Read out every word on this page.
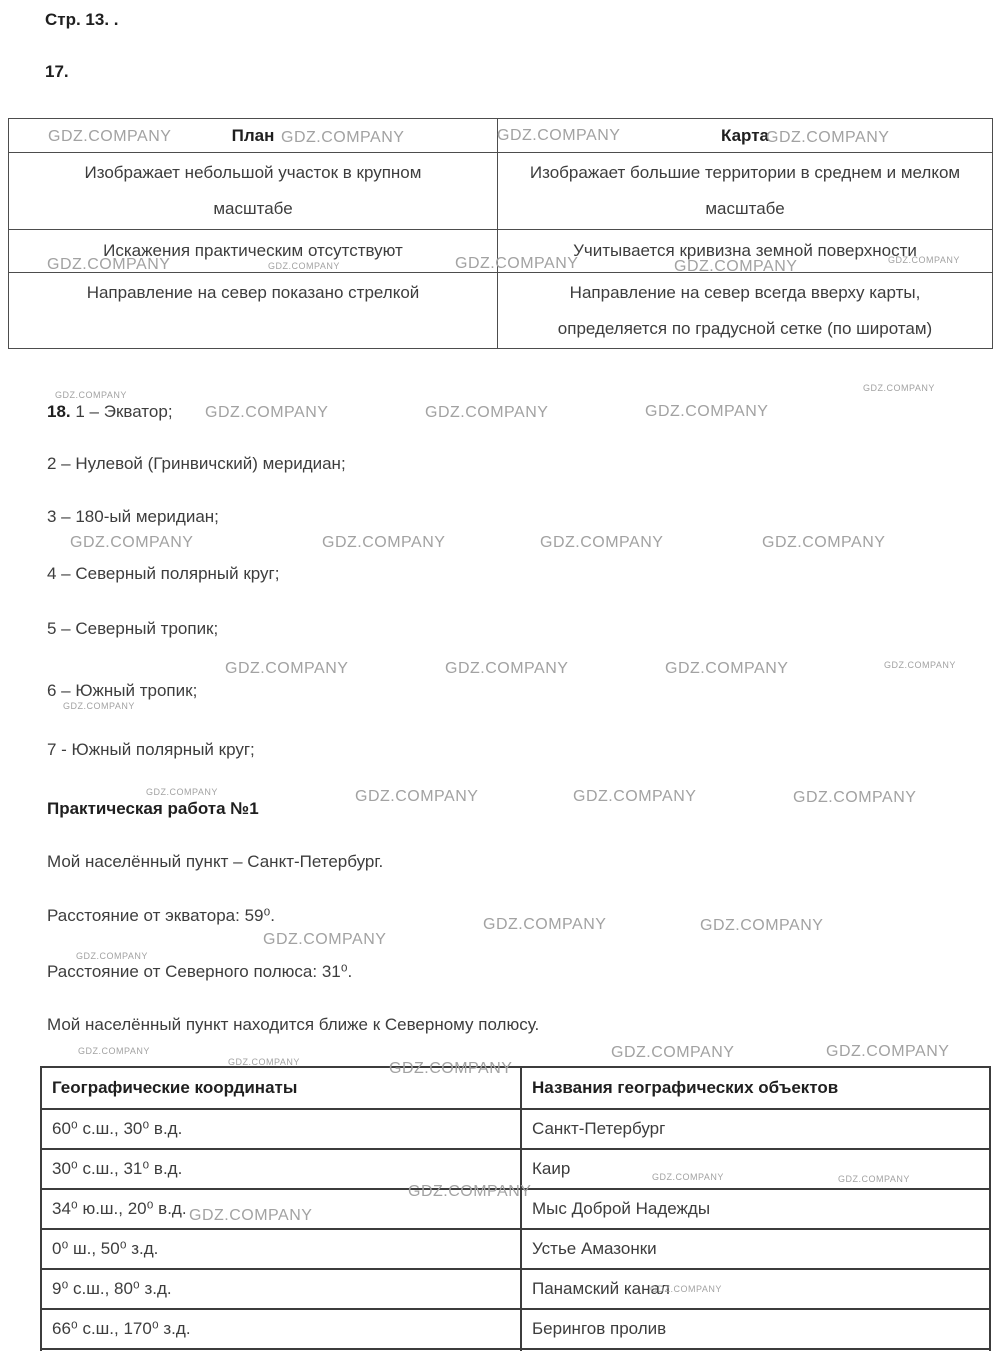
Стр. 13. .
17.
План	Карта
Изображает небольшой участок в крупном масштабе	Изображает большие территории в среднем и мелком масштабе
Искажения практическим отсутствуют	Учитывается кривизна земной поверхности
Направление на север показано стрелкой	Направление на север всегда вверху карты, определяется по градусной сетке (по широтам)
18. 1 – Экватор;
2 – Нулевой (Гринвичский) меридиан;
3 – 180-ый меридиан;
4 – Северный полярный круг;
5 – Северный тропик;
6 – Южный тропик;
7 - Южный полярный круг;
Практическая работа №1
Мой населённый пункт – Санкт-Петербург.
Расстояние от экватора: 59⁰.
Расстояние от Северного полюса: 31⁰.
Мой населённый пункт находится ближе к Северному полюсу.
Географические координаты	Названия географических объектов
60⁰ с.ш., 30⁰ в.д.	Санкт-Петербург
30⁰ с.ш., 31⁰ в.д.	Каир
34⁰ ю.ш., 20⁰ в.д.	Мыс Доброй Надежды
0⁰ ш., 50⁰ з.д.	Устье Амазонки
9⁰ с.ш., 80⁰ з.д.	Панамский канал
66⁰ с.ш., 170⁰ з.д.	Берингов пролив

GDZ.COMPANY	GDZ.COMPANY	GDZ.COMPANY	GDZ.COMPANY
GDZ.COMPANY	GDZ.COMPANY	GDZ.COMPANY
GDZ.COMPANY
GDZ.COMPANY
GDZ.COMPANY
GDZ.COMPANY
GDZ.COMPANY	GDZ.COMPANY	GDZ.COMPANY
GDZ.COMPANY	GDZ.COMPANY	GDZ.COMPANY	GDZ.COMPANY
GDZ.COMPANY	GDZ.COMPANY	GDZ.COMPANY	GDZ.COMPANY
GDZ.COMPANY
GDZ.COMPANY	GDZ.COMPANY	GDZ.COMPANY	GDZ.COMPANY
GDZ.COMPANY	GDZ.COMPANY
GDZ.COMPANY
GDZ.COMPANY
GDZ.COMPANY
GDZ.COMPANY
GDZ.COMPANY	GDZ.COMPANY
GDZ.COMPANY
GDZ.COMPANY	GDZ.COMPANY
GDZ.COMPANY
GDZ.COMPANY
GDZ.COMPANY
